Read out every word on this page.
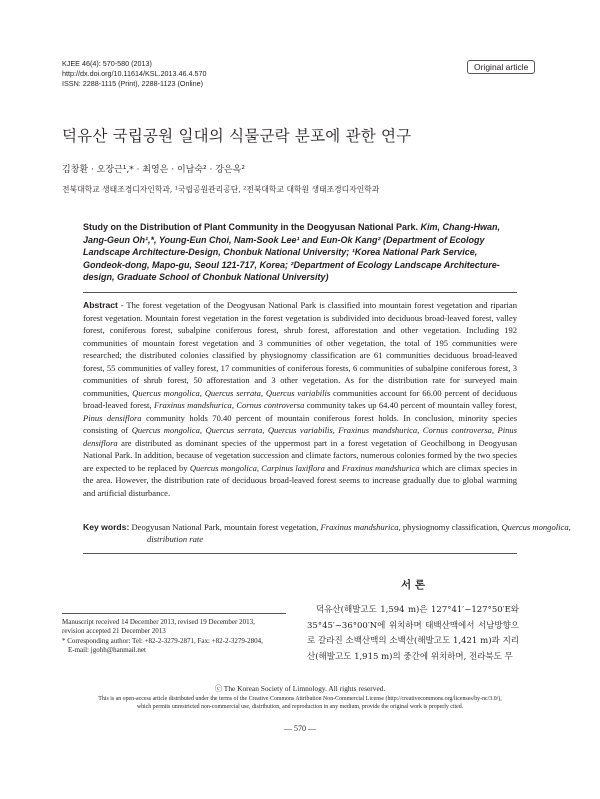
KJEE 46(4): 570-580 (2013)
http://dx.doi.org/10.11614/KSL.2013.46.4.570
ISSN: 2288-1115 (Print), 2288-1123 (Online)
Original article
덕유산 국립공원 일대의 식물군락 분포에 관한 연구
김창환 · 오장근¹,* · 최영은 · 이남숙² · 강은옥²
전북대학교 생태조경디자인학과, ¹국립공원관리공단, ²전북대학교 대학원 생태조경디자인학과
Study on the Distribution of Plant Community in the Deogyusan National Park. Kim, Chang-Hwan, Jang-Geun Oh¹,*, Young-Eun Choi, Nam-Sook Lee¹ and Eun-Ok Kang² (Department of Ecology Landscape Architecture-Design, Chonbuk National University; ¹Korea National Park Service, Gondeok-dong, Mapo-gu, Seoul 121-717, Korea; ²Department of Ecology Landscape Architecture-design, Graduate School of Chonbuk National University)
Abstract - The forest vegetation of the Deogyusan National Park is classified into mountain forest vegetation and riparian forest vegetation. Mountain forest vegetation in the forest vegetation is subdivided into deciduous broad-leaved forest, valley forest, coniferous forest, subalpine coniferous forest, shrub forest, afforestation and other vegetation. Including 192 communities of mountain forest vegetation and 3 communities of other vegetation, the total of 195 communities were researched; the distributed colonies classified by physiognomy classification are 61 communities deciduous broad-leaved forest, 55 communities of valley forest, 17 communities of coniferous forests, 6 communities of subalpine coniferous forest, 3 communities of shrub forest, 50 afforestation and 3 other vegetation. As for the distribution rate for surveyed main communities, Quercus mongolica, Quercus serrata, Quercus variabilis communities account for 66.00 percent of deciduous broad-leaved forest, Fraxinus mandshurica, Cornus controversa community takes up 64.40 percent of mountain valley forest, Pinus densiflora community holds 70.40 percent of mountain coniferous forest holds. In conclusion, minority species consisting of Quercus mongolica, Quercus serrata, Quercus variabilis, Fraxinus mandshurica, Cornus controversa, Pinus densiflora are distributed as dominant species of the uppermost part in a forest vegetation of Geochilbong in Deogyusan National Park. In addition, because of vegetation succession and climate factors, numerous colonies formed by the two species are expected to be replaced by Quercus mongolica, Carpinus laxiflora and Fraxinus mandshurica which are climax species in the area. However, the distribution rate of deciduous broad-leaved forest seems to increase gradually due to global warming and artificial disturbance.
Key words: Deogyusan National Park, mountain forest vegetation, Fraxinus mandshurica, physiognomy classification, Quercus mongolica, distribution rate
서 론
덕유산(해발고도 1,594 m)은 127°41′~127°50′E와 35°45′~36°00′N에 위치하며 태백산맥에서 서남방향으로 갈라진 소백산맥의 소백산(해발고도 1,421 m)과 지리산(해발고도 1,915 m)의 중간에 위치하며, 전라북도 무
Manuscript received 14 December 2013, revised 19 December 2013,
revision accepted 21 December 2013
* Corresponding author: Tel: +82-2-3279-2871, Fax: +82-2-3279-2804,
E-mail: jgohh@hanmail.net
ⓒ The Korean Society of Limnology. All rights reserved.
This is an open-access article distributed under the terms of the Creative Commons Attribution Non-Commercial License (http://creativecommons.org/licenses/by-nc/3.0/),
which permits unrestricted non-commercial use, distribution, and reproduction in any medium, provide the original work is properly cited.
— 570 —
